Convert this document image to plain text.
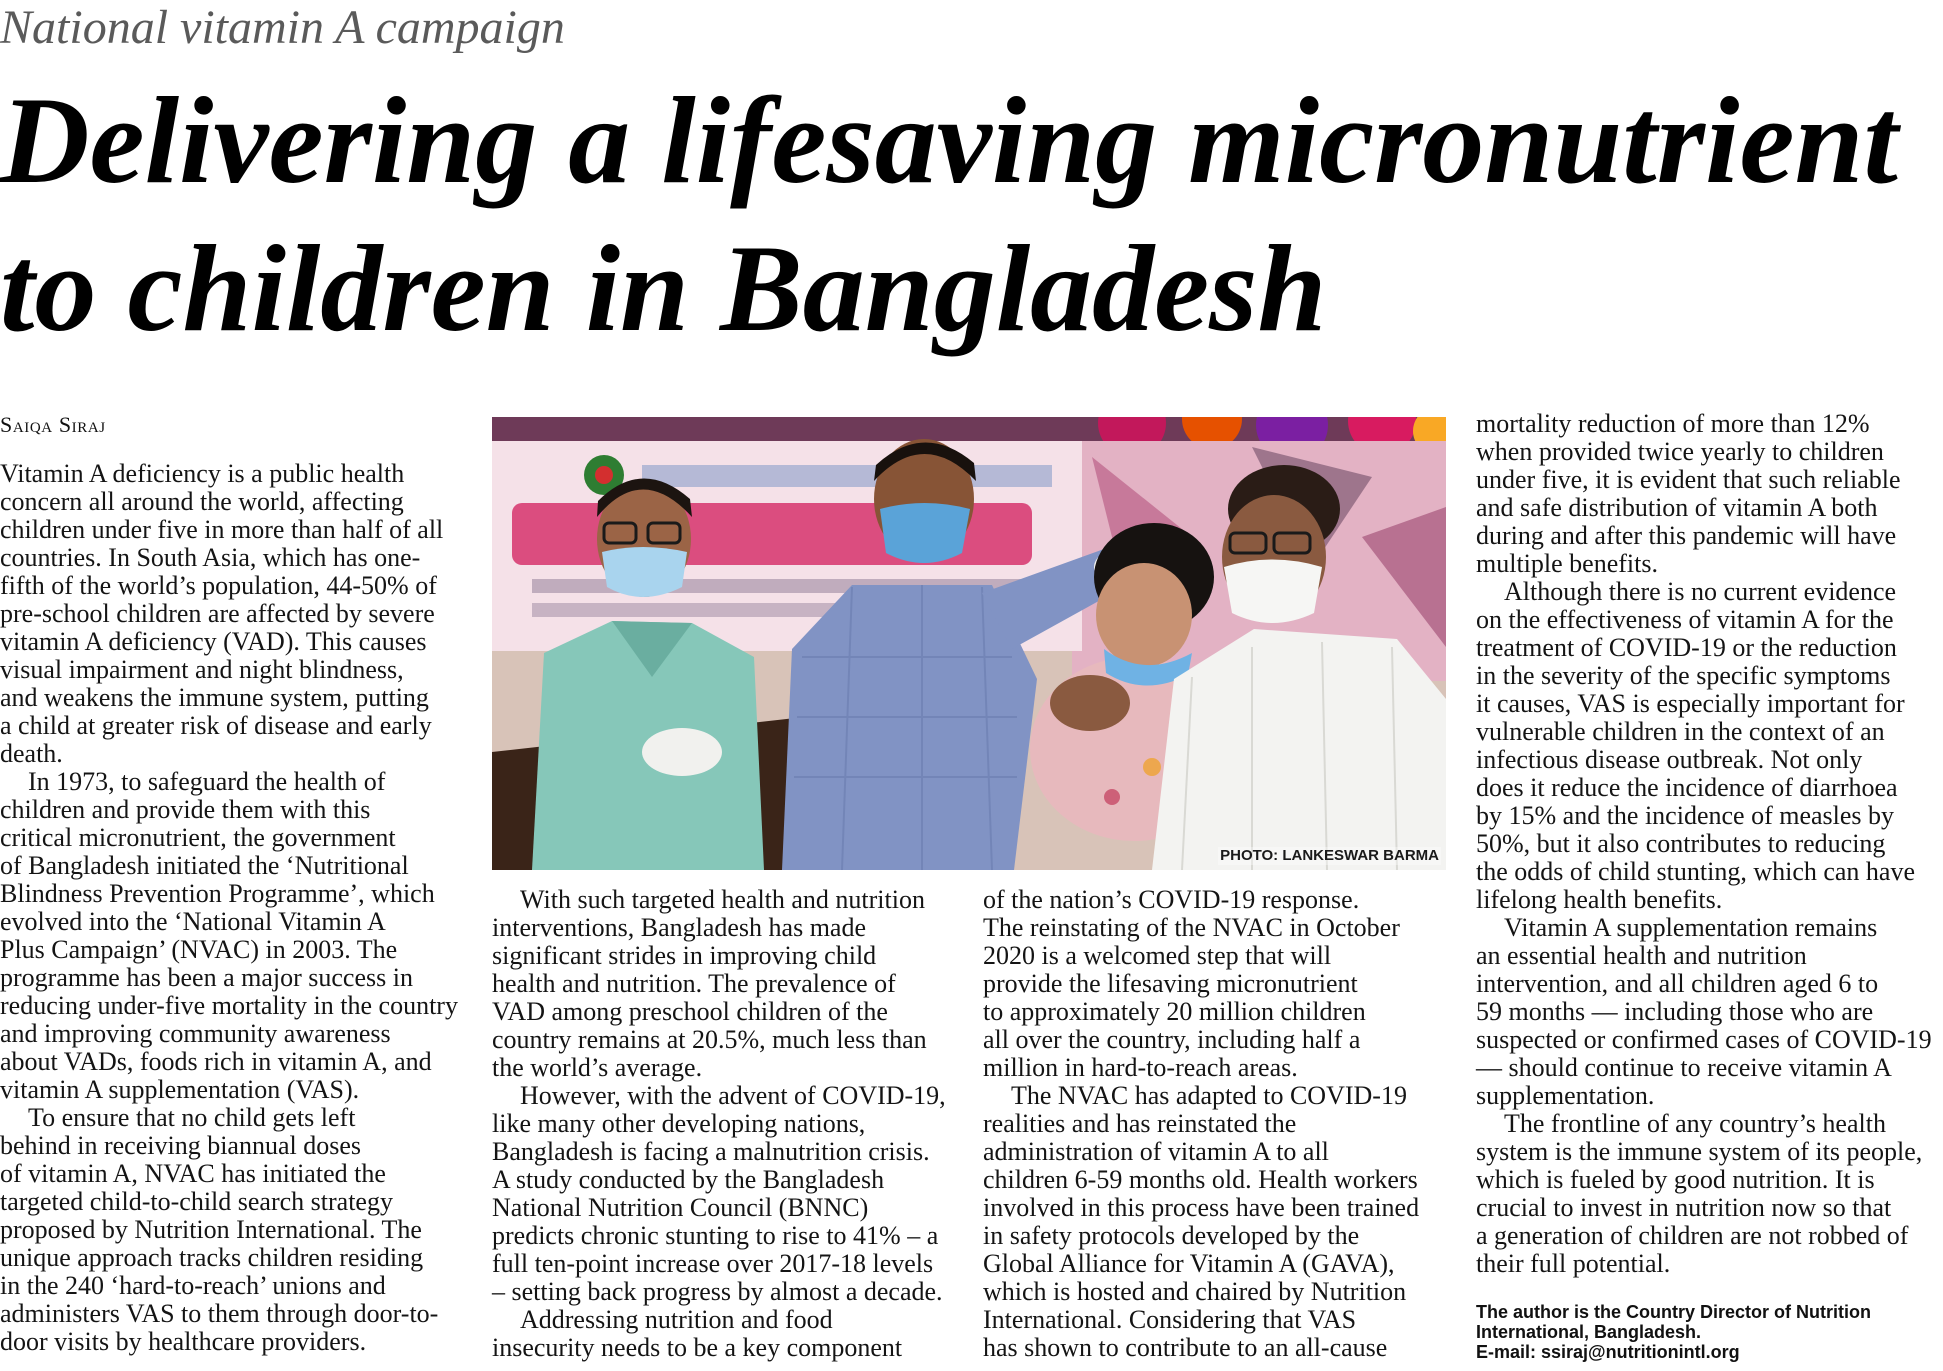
National vitamin A campaign
Delivering a lifesaving micronutrient
to children in Bangladesh
Saiqa Siraj
Vitamin A deficiency is a public health
concern all around the world, affecting
children under five in more than half of all
countries. In South Asia, which has one-
fifth of the world’s population, 44-50% of
pre-school children are affected by severe
vitamin A deficiency (VAD). This causes
visual impairment and night blindness,
and weakens the immune system, putting
a child at greater risk of disease and early
death.
In 1973, to safeguard the health of
children and provide them with this
critical micronutrient, the government
of Bangladesh initiated the ‘Nutritional
Blindness Prevention Programme’, which
evolved into the ‘National Vitamin A
Plus Campaign’ (NVAC) in 2003. The
programme has been a major success in
reducing under-five mortality in the country
and improving community awareness
about VADs, foods rich in vitamin A, and
vitamin A supplementation (VAS).
To ensure that no child gets left
behind in receiving biannual doses
of vitamin A, NVAC has initiated the
targeted child-to-child search strategy
proposed by Nutrition International. The
unique approach tracks children residing
in the 240 ‘hard-to-reach’ unions and
administers VAS to them through door-to-
door visits by healthcare providers.
PHOTO: LANKESWAR BARMA
With such targeted health and nutrition
interventions, Bangladesh has made
significant strides in improving child
health and nutrition. The prevalence of
VAD among preschool children of the
country remains at 20.5%, much less than
the world’s average.
However, with the advent of COVID-19,
like many other developing nations,
Bangladesh is facing a malnutrition crisis.
A study conducted by the Bangladesh
National Nutrition Council (BNNC)
predicts chronic stunting to rise to 41% – a
full ten-point increase over 2017-18 levels
– setting back progress by almost a decade.
Addressing nutrition and food
insecurity needs to be a key component
of the nation’s COVID-19 response.
The reinstating of the NVAC in October
2020 is a welcomed step that will
provide the lifesaving micronutrient
to approximately 20 million children
all over the country, including half a
million in hard-to-reach areas.
The NVAC has adapted to COVID-19
realities and has reinstated the
administration of vitamin A to all
children 6-59 months old. Health workers
involved in this process have been trained
in safety protocols developed by the
Global Alliance for Vitamin A (GAVA),
which is hosted and chaired by Nutrition
International. Considering that VAS
has shown to contribute to an all-cause
mortality reduction of more than 12%
when provided twice yearly to children
under five, it is evident that such reliable
and safe distribution of vitamin A both
during and after this pandemic will have
multiple benefits.
Although there is no current evidence
on the effectiveness of vitamin A for the
treatment of COVID-19 or the reduction
in the severity of the specific symptoms
it causes, VAS is especially important for
vulnerable children in the context of an
infectious disease outbreak. Not only
does it reduce the incidence of diarrhoea
by 15% and the incidence of measles by
50%, but it also contributes to reducing
the odds of child stunting, which can have
lifelong health benefits.
Vitamin A supplementation remains
an essential health and nutrition
intervention, and all children aged 6 to
59 months — including those who are
suspected or confirmed cases of COVID-19
— should continue to receive vitamin A
supplementation.
The frontline of any country’s health
system is the immune system of its people,
which is fueled by good nutrition. It is
crucial to invest in nutrition now so that
a generation of children are not robbed of
their full potential.
The author is the Country Director of Nutrition
International, Bangladesh.
E-mail: ssiraj@nutritionintl.org
